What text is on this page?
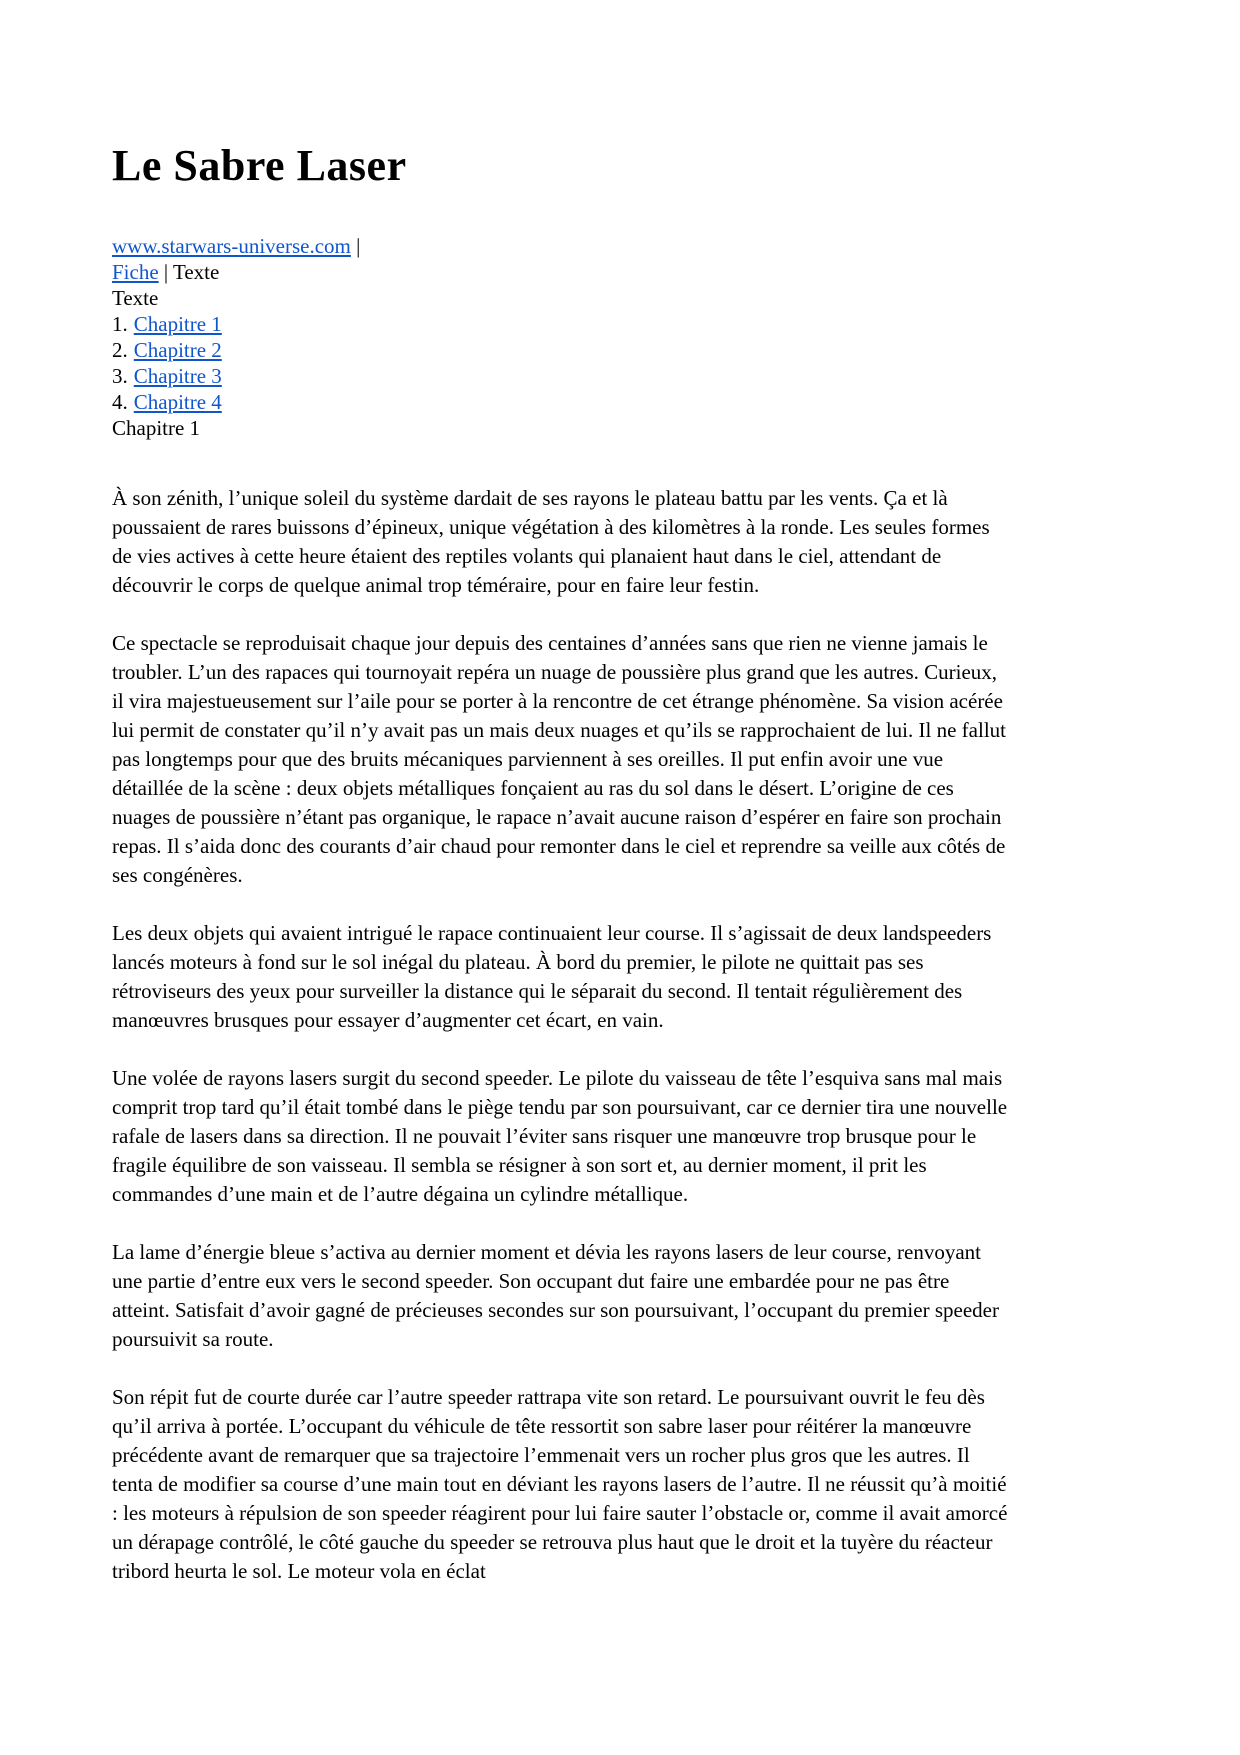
Le Sabre Laser
www.starwars-universe.com |
Fiche | Texte
Texte
1. Chapitre 1
2. Chapitre 2
3. Chapitre 3
4. Chapitre 4
Chapitre 1

À son zénith, l’unique soleil du système dardait de ses rayons le plateau battu par les vents. Ça et là poussaient de rares buissons d’épineux, unique végétation à des kilomètres à la ronde. Les seules formes de vies actives à cette heure étaient des reptiles volants qui planaient haut dans le ciel, attendant de découvrir le corps de quelque animal trop téméraire, pour en faire leur festin.

Ce spectacle se reproduisait chaque jour depuis des centaines d’années sans que rien ne vienne jamais le troubler. L’un des rapaces qui tournoyait repéra un nuage de poussière plus grand que les autres. Curieux, il vira majestueusement sur l’aile pour se porter à la rencontre de cet étrange phénomène. Sa vision acérée lui permit de constater qu’il n’y avait pas un mais deux nuages et qu’ils se rapprochaient de lui. Il ne fallut pas longtemps pour que des bruits mécaniques parviennent à ses oreilles. Il put enfin avoir une vue détaillée de la scène : deux objets métalliques fonçaient au ras du sol dans le désert. L’origine de ces nuages de poussière n’étant pas organique, le rapace n’avait aucune raison d’espérer en faire son prochain repas. Il s’aida donc des courants d’air chaud pour remonter dans le ciel et reprendre sa veille aux côtés de ses congénères.

Les deux objets qui avaient intrigué le rapace continuaient leur course. Il s’agissait de deux landspeeders lancés moteurs à fond sur le sol inégal du plateau. À bord du premier, le pilote ne quittait pas ses rétroviseurs des yeux pour surveiller la distance qui le séparait du second. Il tentait régulièrement des manœuvres brusques pour essayer d’augmenter cet écart, en vain.

Une volée de rayons lasers surgit du second speeder. Le pilote du vaisseau de tête l’esquiva sans mal mais comprit trop tard qu’il était tombé dans le piège tendu par son poursuivant, car ce dernier tira une nouvelle rafale de lasers dans sa direction. Il ne pouvait l’éviter sans risquer une manœuvre trop brusque pour le fragile équilibre de son vaisseau. Il sembla se résigner à son sort et, au dernier moment, il prit les commandes d’une main et de l’autre dégaina un cylindre métallique.

La lame d’énergie bleue s’activa au dernier moment et dévia les rayons lasers de leur course, renvoyant une partie d’entre eux vers le second speeder. Son occupant dut faire une embardée pour ne pas être atteint. Satisfait d’avoir gagné de précieuses secondes sur son poursuivant, l’occupant du premier speeder poursuivit sa route.

Son répit fut de courte durée car l’autre speeder rattrapa vite son retard. Le poursuivant ouvrit le feu dès qu’il arriva à portée. L’occupant du véhicule de tête ressortit son sabre laser pour réitérer la manœuvre précédente avant de remarquer que sa trajectoire l’emmenait vers un rocher plus gros que les autres. Il tenta de modifier sa course d’une main tout en déviant les rayons lasers de l’autre. Il ne réussit qu’à moitié : les moteurs à répulsion de son speeder réagirent pour lui faire sauter l’obstacle or, comme il avait amorcé un dérapage contrôlé, le côté gauche du speeder se retrouva plus haut que le droit et la tuyère du réacteur tribord heurta le sol. Le moteur vola en éclat
